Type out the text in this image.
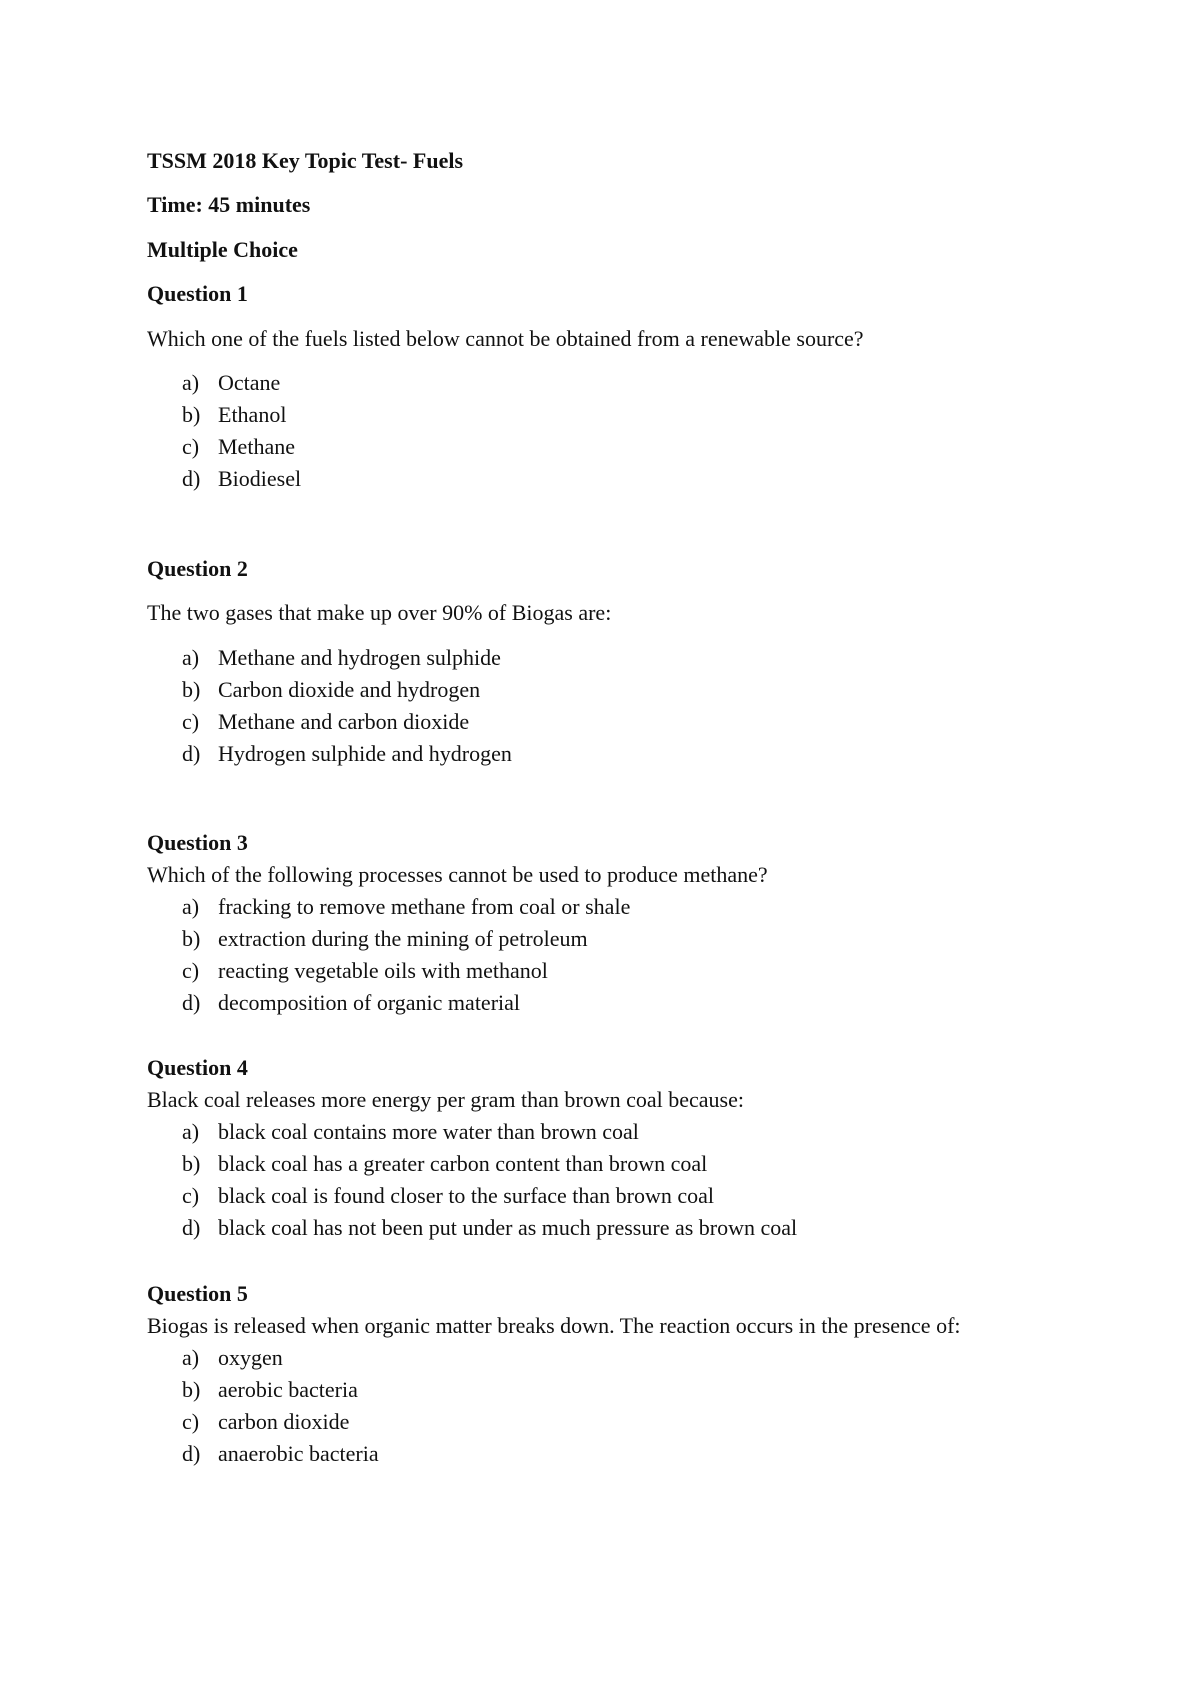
TSSM 2018 Key Topic Test- Fuels

Time: 45 minutes

Multiple Choice

Question 1

Which one of the fuels listed below cannot be obtained from a renewable source?

a) Octane

b) Ethanol

c) Methane

d) Biodiesel

Question 2

The two gases that make up over 90% of Biogas are:

a) Methane and hydrogen sulphide

b) Carbon dioxide and hydrogen

c) Methane and carbon dioxide

d) Hydrogen sulphide and hydrogen

Question 3

Which of the following processes cannot be used to produce methane?

a) fracking to remove methane from coal or shale

b) extraction during the mining of petroleum

c) reacting vegetable oils with methanol

d) decomposition of organic material

Question 4

Black coal releases more energy per gram than brown coal because:

a) black coal contains more water than brown coal

b) black coal has a greater carbon content than brown coal

c) black coal is found closer to the surface than brown coal

d) black coal has not been put under as much pressure as brown coal

Question 5

Biogas is released when organic matter breaks down. The reaction occurs in the presence of:

a) oxygen

b) aerobic bacteria

c) carbon dioxide

d) anaerobic bacteria
